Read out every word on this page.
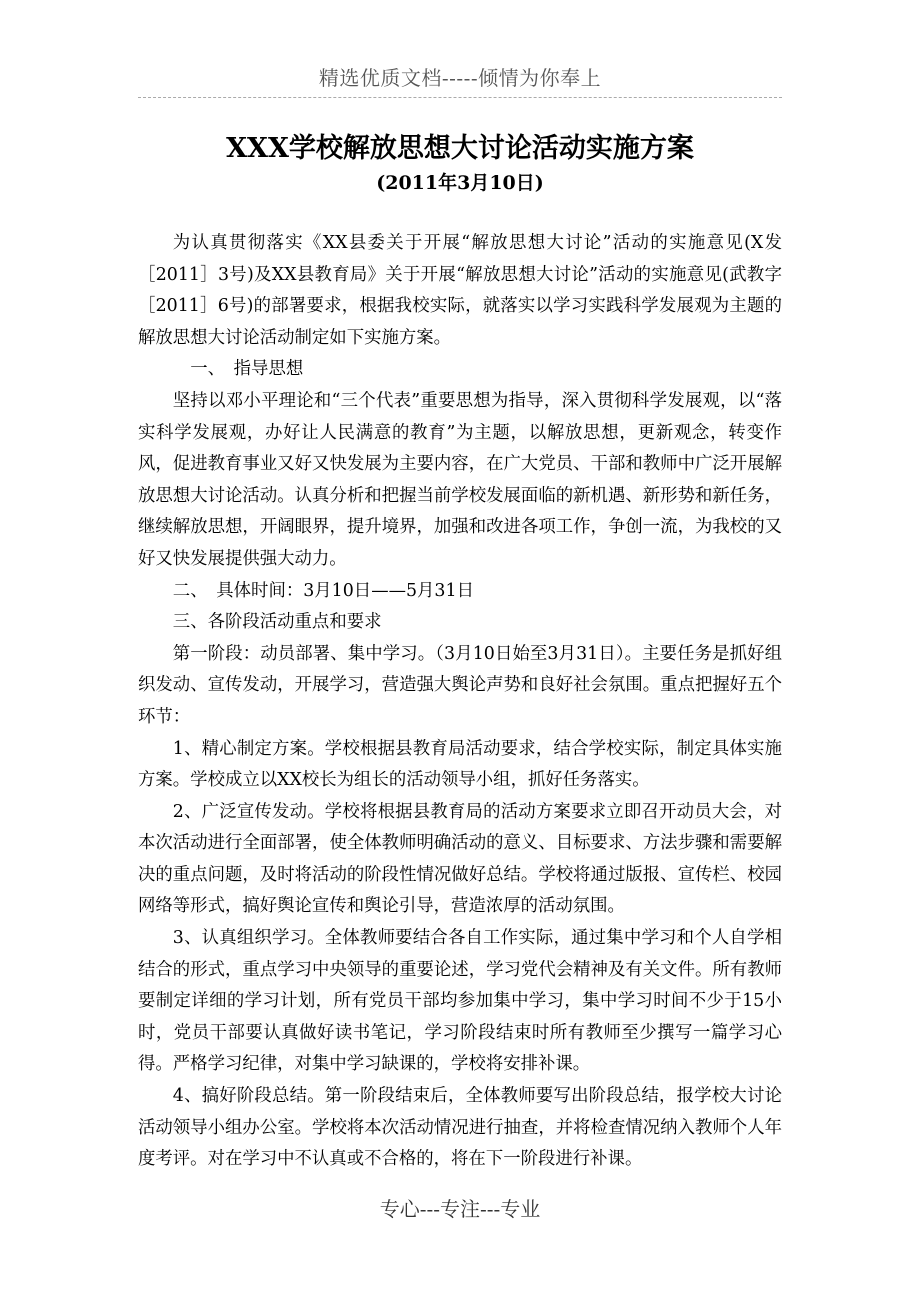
精选优质文档-----倾情为你奉上
XXX学校解放思想大讨论活动实施方案
(2011年3月10日)

为认真贯彻落实《XX县委关于开展“解放思想大讨论”活动的实施意见(X发［2011］3号)及XX县教育局》关于开展“解放思想大讨论”活动的实施意见(武教字［2011］6号)的部署要求，根据我校实际，就落实以学习实践科学发展观为主题的解放思想大讨论活动制定如下实施方案。

一、　指导思想

坚持以邓小平理论和“三个代表”重要思想为指导，深入贯彻科学发展观，以“落实科学发展观，办好让人民满意的教育”为主题，以解放思想，更新观念，转变作风，促进教育事业又好又快发展为主要内容，在广大党员、干部和教师中广泛开展解放思想大讨论活动。认真分析和把握当前学校发展面临的新机遇、新形势和新任务，继续解放思想，开阔眼界，提升境界，加强和改进各项工作，争创一流，为我校的又好又快发展提供强大动力。

二、　具体时间：3月10日——5月31日

三、各阶段活动重点和要求

第一阶段：动员部署、集中学习。（3月10日始至3月31日）。主要任务是抓好组织发动、宣传发动，开展学习，营造强大舆论声势和良好社会氛围。重点把握好五个环节：

1、精心制定方案。学校根据县教育局活动要求，结合学校实际，制定具体实施方案。学校成立以XX校长为组长的活动领导小组，抓好任务落实。

2、广泛宣传发动。学校将根据县教育局的活动方案要求立即召开动员大会，对本次活动进行全面部署，使全体教师明确活动的意义、目标要求、方法步骤和需要解决的重点问题，及时将活动的阶段性情况做好总结。学校将通过版报、宣传栏、校园网络等形式，搞好舆论宣传和舆论引导，营造浓厚的活动氛围。

3、认真组织学习。全体教师要结合各自工作实际，通过集中学习和个人自学相结合的形式，重点学习中央领导的重要论述，学习党代会精神及有关文件。所有教师要制定详细的学习计划，所有党员干部均参加集中学习，集中学习时间不少于15小时，党员干部要认真做好读书笔记，学习阶段结束时所有教师至少撰写一篇学习心得。严格学习纪律，对集中学习缺课的，学校将安排补课。

4、搞好阶段总结。第一阶段结束后，全体教师要写出阶段总结，报学校大讨论活动领导小组办公室。学校将本次活动情况进行抽查，并将检查情况纳入教师个人年度考评。对在学习中不认真或不合格的，将在下一阶段进行补课。

专心---专注---专业
